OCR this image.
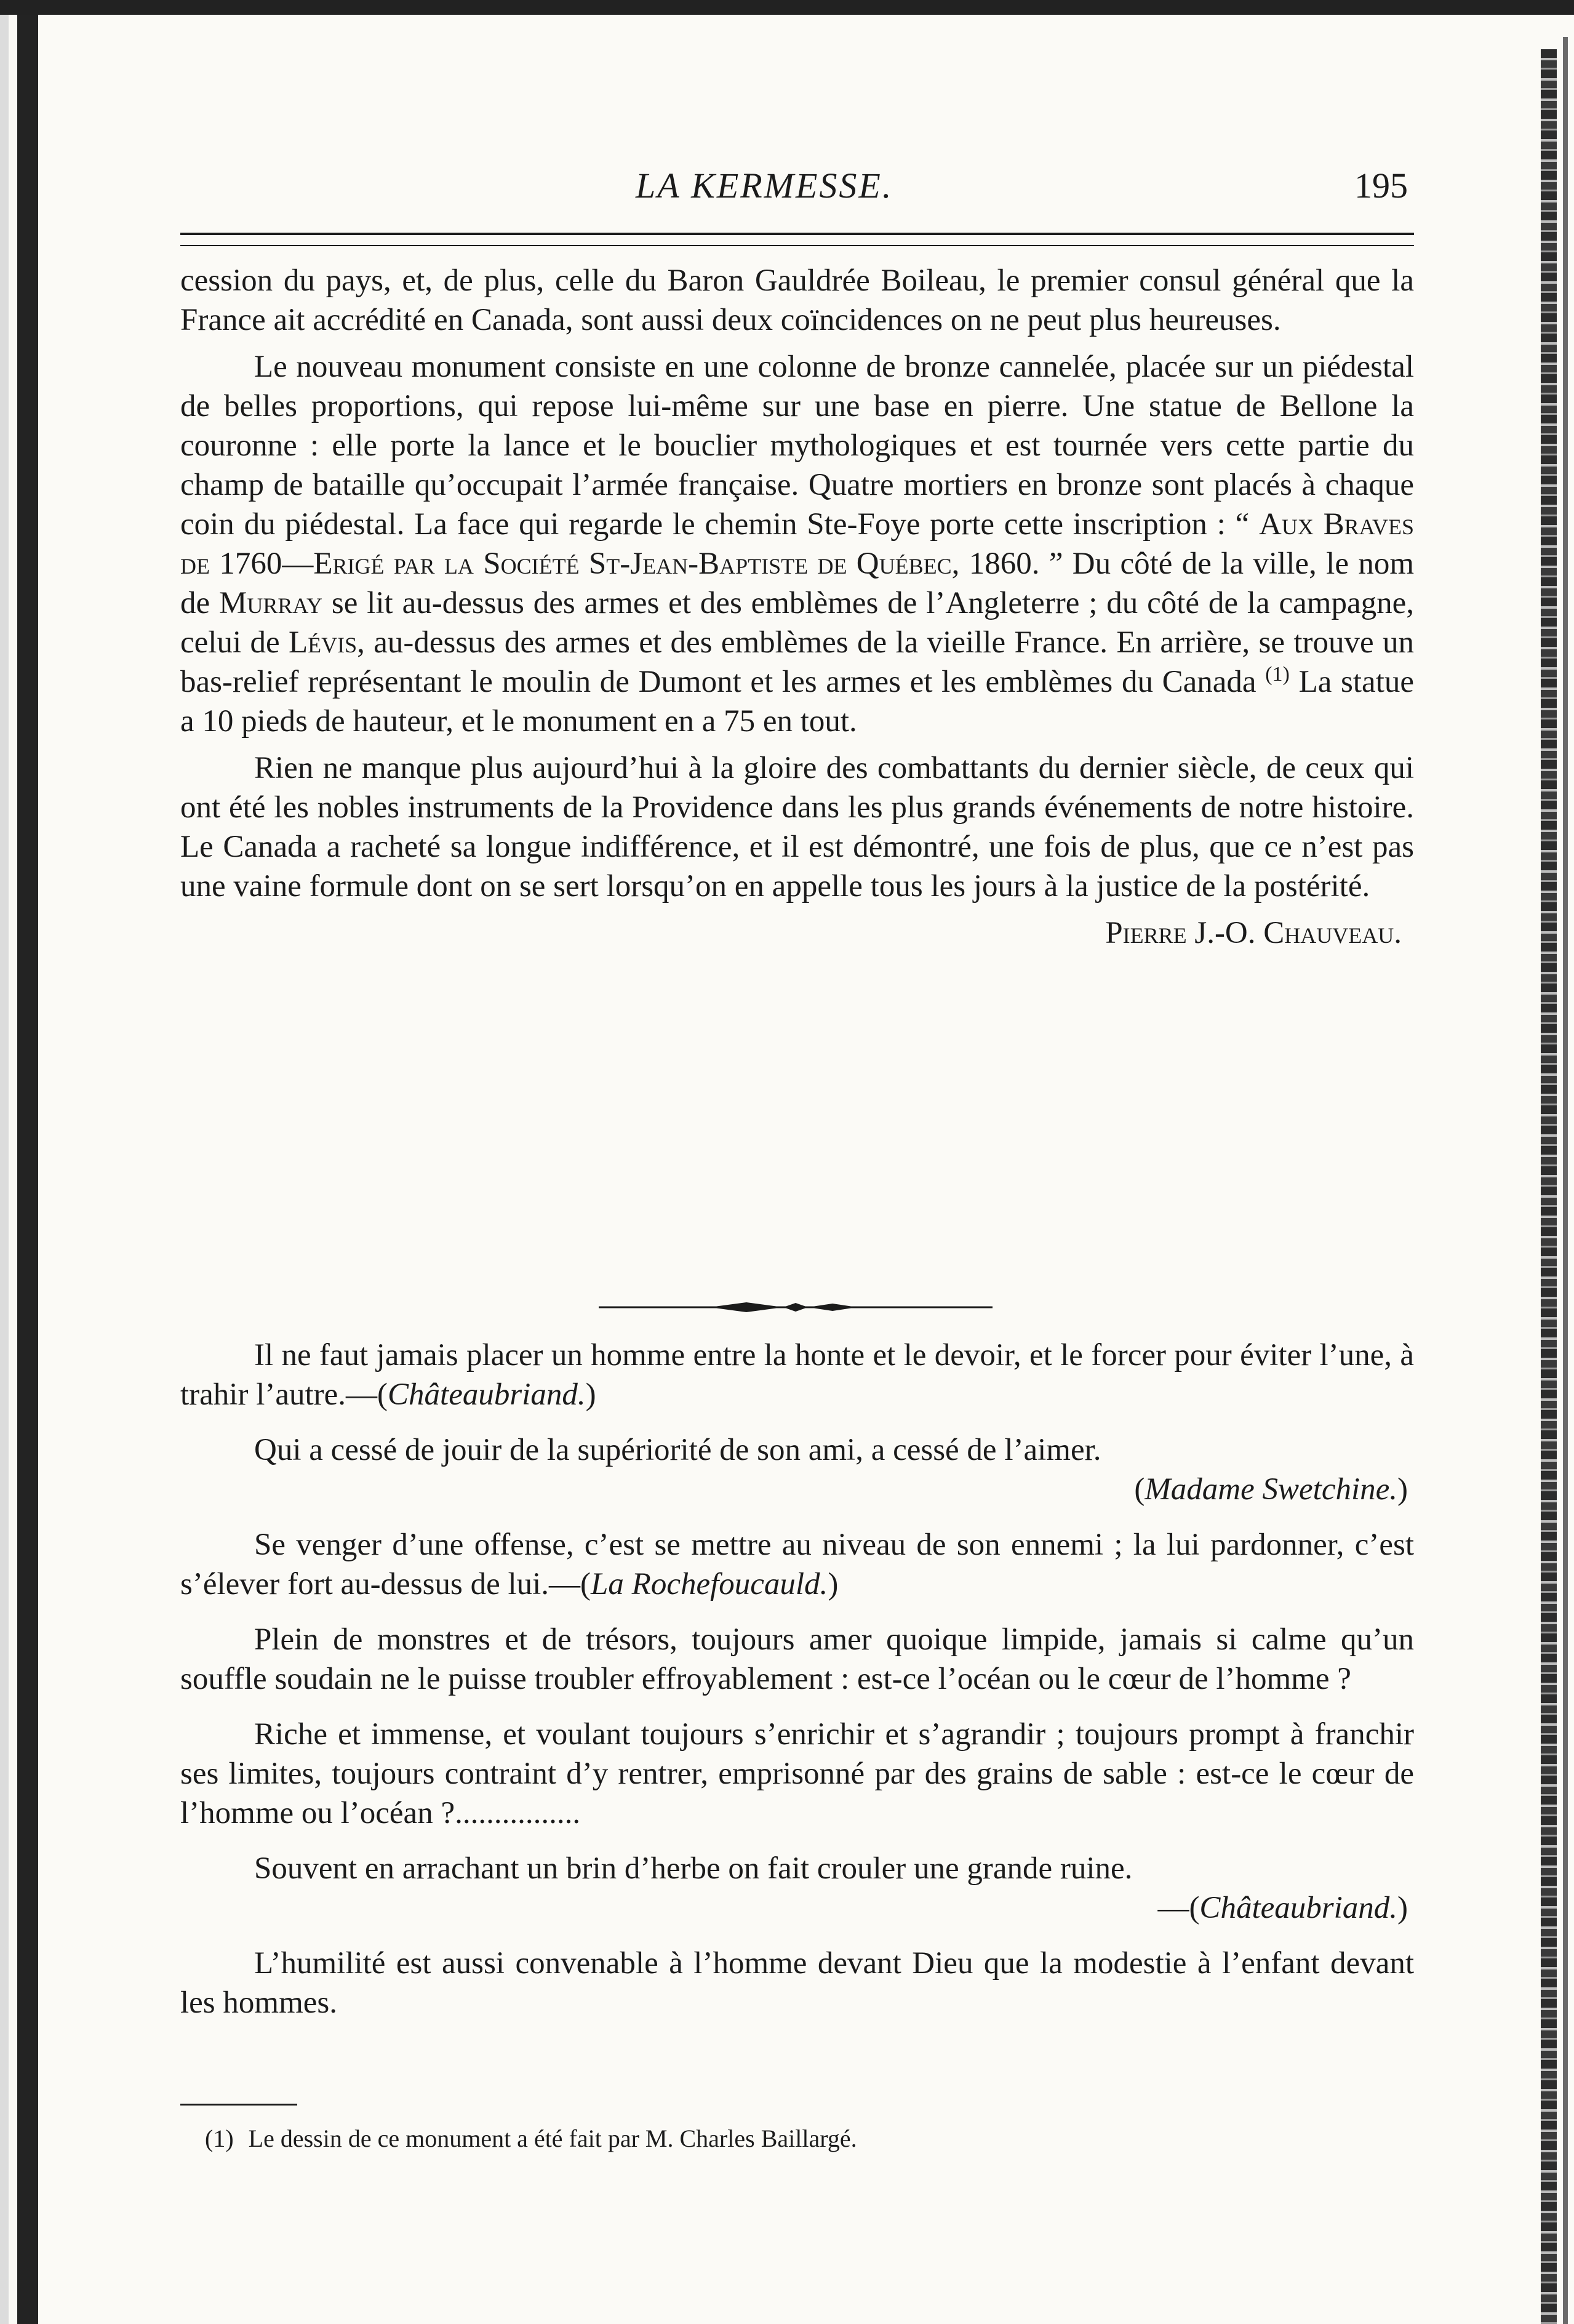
LA KERMESSE.	195

cession du pays, et, de plus, celle du Baron Gauldrée Boileau, le premier consul général que la France ait accrédité en Canada, sont aussi deux coïncidences on ne peut plus heureuses.

Le nouveau monument consiste en une colonne de bronze cannelée, placée sur un piédestal de belles proportions, qui repose lui-même sur une base en pierre. Une statue de Bellone la couronne : elle porte la lance et le bouclier mythologiques et est tournée vers cette partie du champ de bataille qu’occupait l’armée française. Quatre mortiers en bronze sont placés à chaque coin du piédestal. La face qui regarde le chemin Ste-Foye porte cette inscription : “ Aux Braves de 1760—Erigé par la Société St-Jean-Baptiste de Québec, 1860. ” Du côté de la ville, le nom de Murray se lit au-dessus des armes et des emblèmes de l’Angleterre ; du côté de la campagne, celui de Lévis, au-dessus des armes et des emblèmes de la vieille France. En arrière, se trouve un bas-relief représentant le moulin de Dumont et les armes et les emblèmes du Canada $^{(1)}$ La statue a 10 pieds de hauteur, et le monument en a 75 en tout.

Rien ne manque plus aujourd’hui à la gloire des combattants du dernier siècle, de ceux qui ont été les nobles instruments de la Providence dans les plus grands événements de notre histoire. Le Canada a racheté sa longue indifférence, et il est démontré, une fois de plus, que ce n’est pas une vaine formule dont on se sert lorsqu’on en appelle tous les jours à la justice de la postérité.

Pierre J.-O. Chauveau.

Il ne faut jamais placer un homme entre la honte et le devoir, et le forcer pour éviter l’une, à trahir l’autre.—(Châteaubriand.)

Qui a cessé de jouir de la supériorité de son ami, a cessé de l’aimer.
(Madame Swetchine.)

Se venger d’une offense, c’est se mettre au niveau de son ennemi ; la lui pardonner, c’est s’élever fort au-dessus de lui.—(La Rochefoucauld.)

Plein de monstres et de trésors, toujours amer quoique limpide, jamais si calme qu’un souffle soudain ne le puisse troubler effroyablement : est-ce l’océan ou le cœur de l’homme ?

Riche et immense, et voulant toujours s’enrichir et s’agrandir ; toujours prompt à franchir ses limites, toujours contraint d’y rentrer, emprisonné par des grains de sable : est-ce le cœur de l’homme ou l’océan ?................

Souvent en arrachant un brin d’herbe on fait crouler une grande ruine.
—(Châteaubriand.)

L’humilité est aussi convenable à l’homme devant Dieu que la modestie à l’enfant devant les hommes.

(1) Le dessin de ce monument a été fait par M. Charles Baillargé.
